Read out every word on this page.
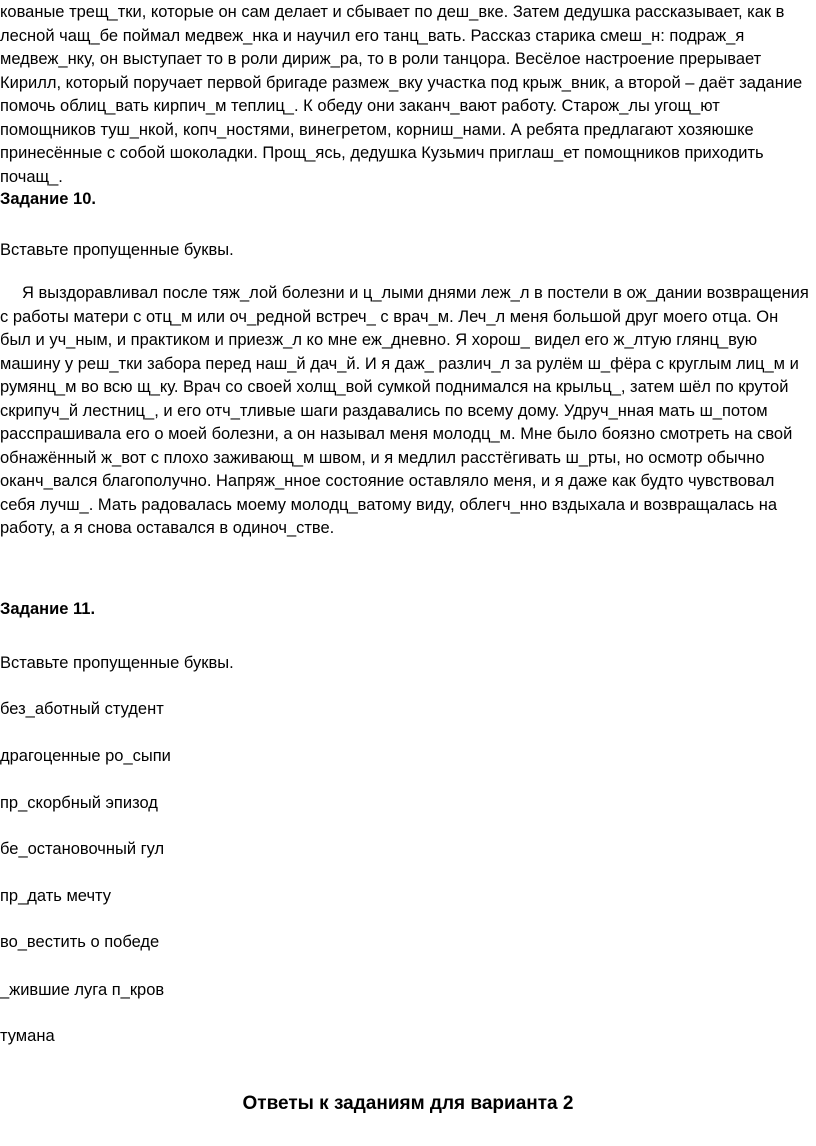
кованые трещ_тки, которые он сам делает и сбывает по деш_вке. Затем дедушка рассказывает, как в лесной чащ_бе поймал медвеж_нка и научил его танц_вать. Рассказ старика смеш_н: подраж_я медвеж_нку, он выступает то в роли дириж_ра, то в роли танцора. Весёлое настроение прерывает Кирилл, который поручает первой бригаде размеж_вку участка под крыж_вник, а второй – даёт задание помочь облиц_вать кирпич_м теплиц_. К обеду они заканч_вают работу. Старож_лы угощ_ют помощников туш_нкой, копч_ностями, винегретом, корниш_нами. А ребята предлагают хозяюшке принесённые с собой шоколадки. Прощ_ясь, дедушка Кузьмич приглаш_ет помощников приходить почащ_.

Задание 10.
Вставьте пропущенные буквы.

Я выздоравливал после тяж_лой болезни и ц_лыми днями леж_л в постели в ож_дании возвращения с работы матери с отц_м или оч_редной встреч_ с врач_м. Леч_л меня большой друг моего отца. Он был и уч_ным, и практиком и приезж_л ко мне еж_дневно. Я хорош_ видел его ж_лтую глянц_вую машину у реш_тки забора перед наш_й дач_й. И я даж_ различ_л за рулём ш_фёра с круглым лиц_м и румянц_м во всю щ_ку. Врач со своей холщ_вой сумкой поднимался на крыльц_, затем шёл по крутой скрипуч_й лестниц_, и его отч_тливые шаги раздавались по всему дому. Удруч_нная мать ш_потом расспрашивала его о моей болезни, а он называл меня молодц_м. Мне было боязно смотреть на свой обнажённый ж_вот с плохо заживающ_м швом, и я медлил расстёгивать ш_рты, но осмотр обычно оканч_вался благополучно. Напряж_нное состояние оставляло меня, и я даже как будто чувствовал себя лучш_. Мать радовалась моему молодц_ватому виду, облегч_нно вздыхала и возвращалась на работу, а я снова оставался в одиноч_стве.

Задание 11.
Вставьте пропущенные буквы.
без_аботный студент
драгоценные ро_сыпи
пр_скорбный эпизод
бе_остановочный гул
пр_дать мечту
во_вестить о победе
_жившие луга п_кров
тумана
Ответы к заданиям для варианта 2
